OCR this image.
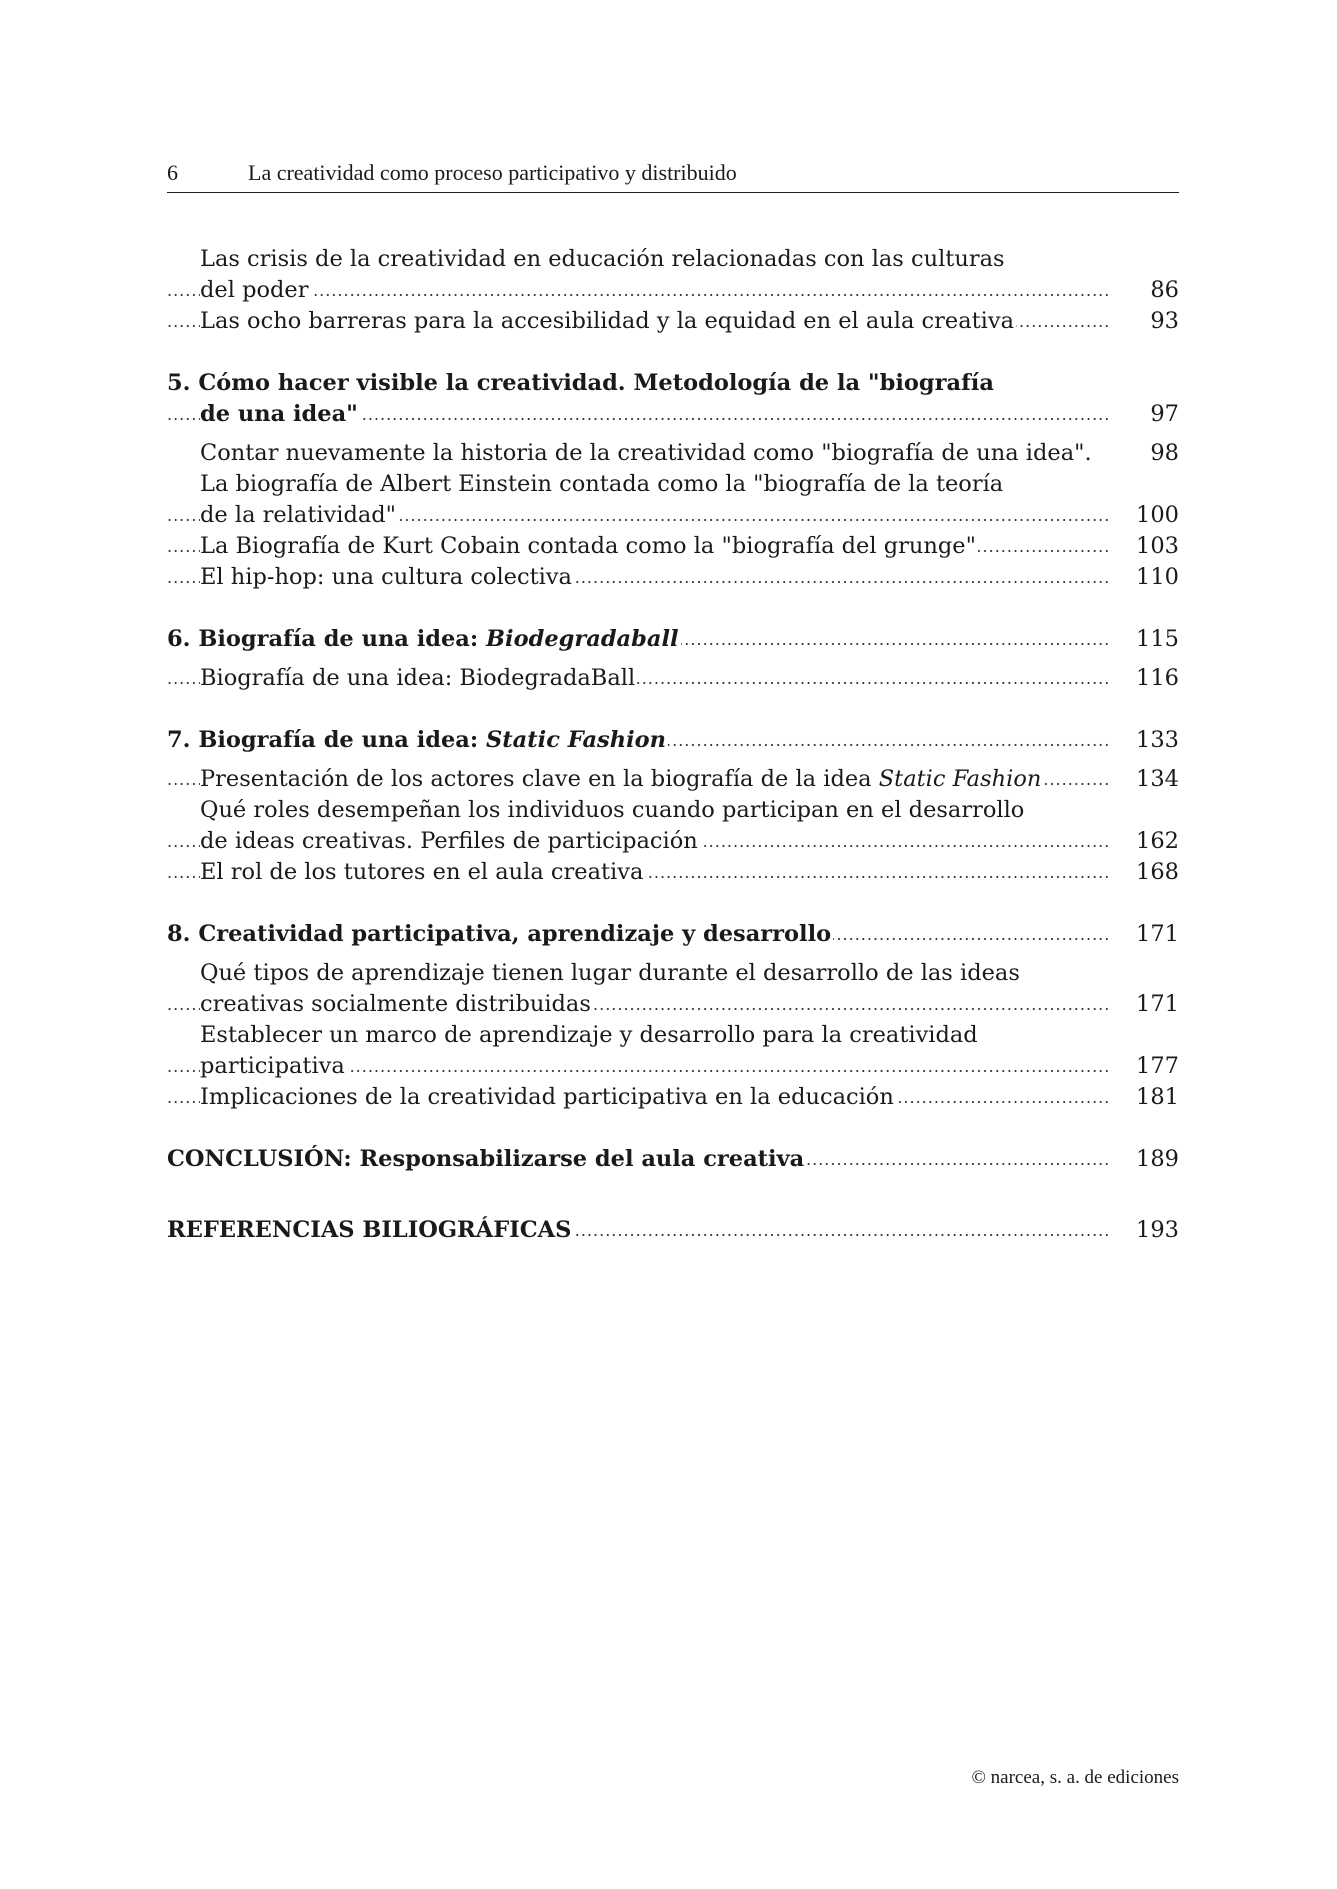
6	La creatividad como proceso participativo y distribuido
Las crisis de la creatividad en educación relacionadas con las culturas
..... del poder	86
..... Las ocho barreras para la accesibilidad y la equidad en el aula creativa	93
5. Cómo hacer visible la creatividad. Metodología de la "biografía
..... de una idea"	97
Contar nuevamente la historia de la creatividad como "biografía de una idea".	98
La biografía de Albert Einstein contada como la "biografía de la teoría
..... de la relatividad"	100
..... La Biografía de Kurt Cobain contada como la "biografía del grunge"	103
..... El hip-hop: una cultura colectiva	110
..... 6. Biografía de una idea: Biodegradaball	115
..... Biografía de una idea: BiodegradaBall	116
..... 7. Biografía de una idea: Static Fashion	133
..... Presentación de los actores clave en la biografía de la idea Static Fashion	134
Qué roles desempeñan los individuos cuando participan en el desarrollo
..... de ideas creativas. Perfiles de participación	162
..... El rol de los tutores en el aula creativa	168
..... 8. Creatividad participativa, aprendizaje y desarrollo	171
Qué tipos de aprendizaje tienen lugar durante el desarrollo de las ideas
..... creativas socialmente distribuidas	171
Establecer un marco de aprendizaje y desarrollo para la creatividad
..... participativa	177
..... Implicaciones de la creatividad participativa en la educación	181
..... CONCLUSIÓN: Responsabilizarse del aula creativa	189
..... REFERENCIAS BILIOGRÁFICAS	193
© narcea, s. a. de ediciones
